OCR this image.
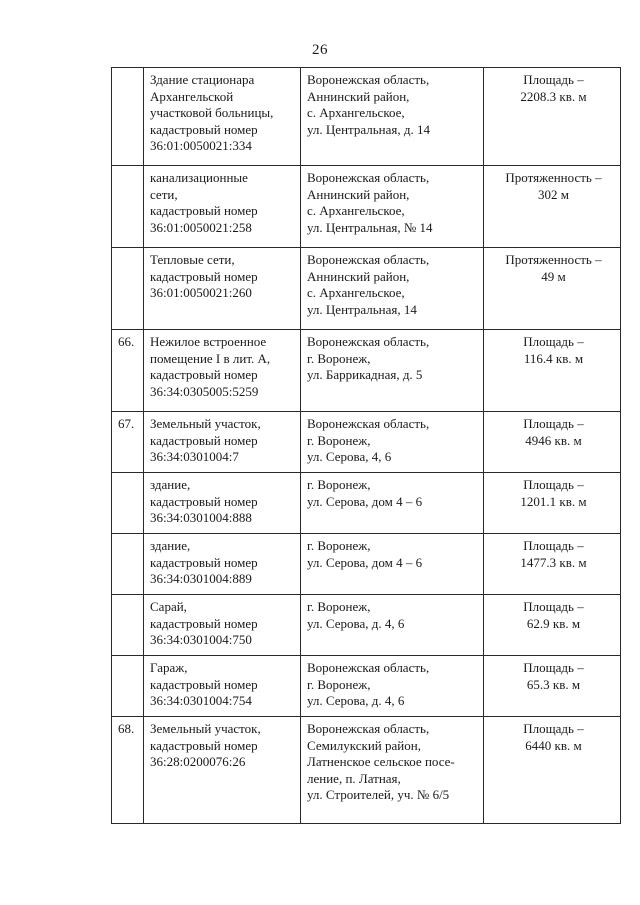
26

	Здание стационара
Архангельской
участковой больницы,
кадастровый номер
36:01:0050021:334	Воронежская область,
Аннинский район,
с. Архангельское,
ул. Центральная, д. 14	Площадь –
2208.3 кв. м

	канализационные
сети,
кадастровый номер
36:01:0050021:258	Воронежская область,
Аннинский район,
с. Архангельское,
ул. Центральная, № 14	Протяженность –
302 м

	Тепловые сети,
кадастровый номер
36:01:0050021:260	Воронежская область,
Аннинский район,
с. Архангельское,
ул. Центральная, 14	Протяженность –
49 м

66.	Нежилое встроенное
помещение I в лит. А,
кадастровый номер
36:34:0305005:5259	Воронежская область,
г. Воронеж,
ул. Баррикадная, д. 5	Площадь –
116.4 кв. м

67.	Земельный участок,
кадастровый номер
36:34:0301004:7	Воронежская область,
г. Воронеж,
ул. Серова, 4, 6	Площадь –
4946 кв. м

	здание,
кадастровый номер
36:34:0301004:888	г. Воронеж,
ул. Серова, дом 4 – 6	Площадь –
1201.1 кв. м

	здание,
кадастровый номер
36:34:0301004:889	г. Воронеж,
ул. Серова, дом 4 – 6	Площадь –
1477.3 кв. м

	Сарай,
кадастровый номер
36:34:0301004:750	г. Воронеж,
ул. Серова, д. 4, 6	Площадь –
62.9 кв. м

	Гараж,
кадастровый номер
36:34:0301004:754	Воронежская область,
г. Воронеж,
ул. Серова, д. 4, 6	Площадь –
65.3 кв. м

68.	Земельный участок,
кадастровый номер
36:28:0200076:26	Воронежская область,
Семилукский район,
Латненское сельское посе-
ление, п. Латная,
ул. Строителей, уч. № 6/5	Площадь –
6440 кв. м
